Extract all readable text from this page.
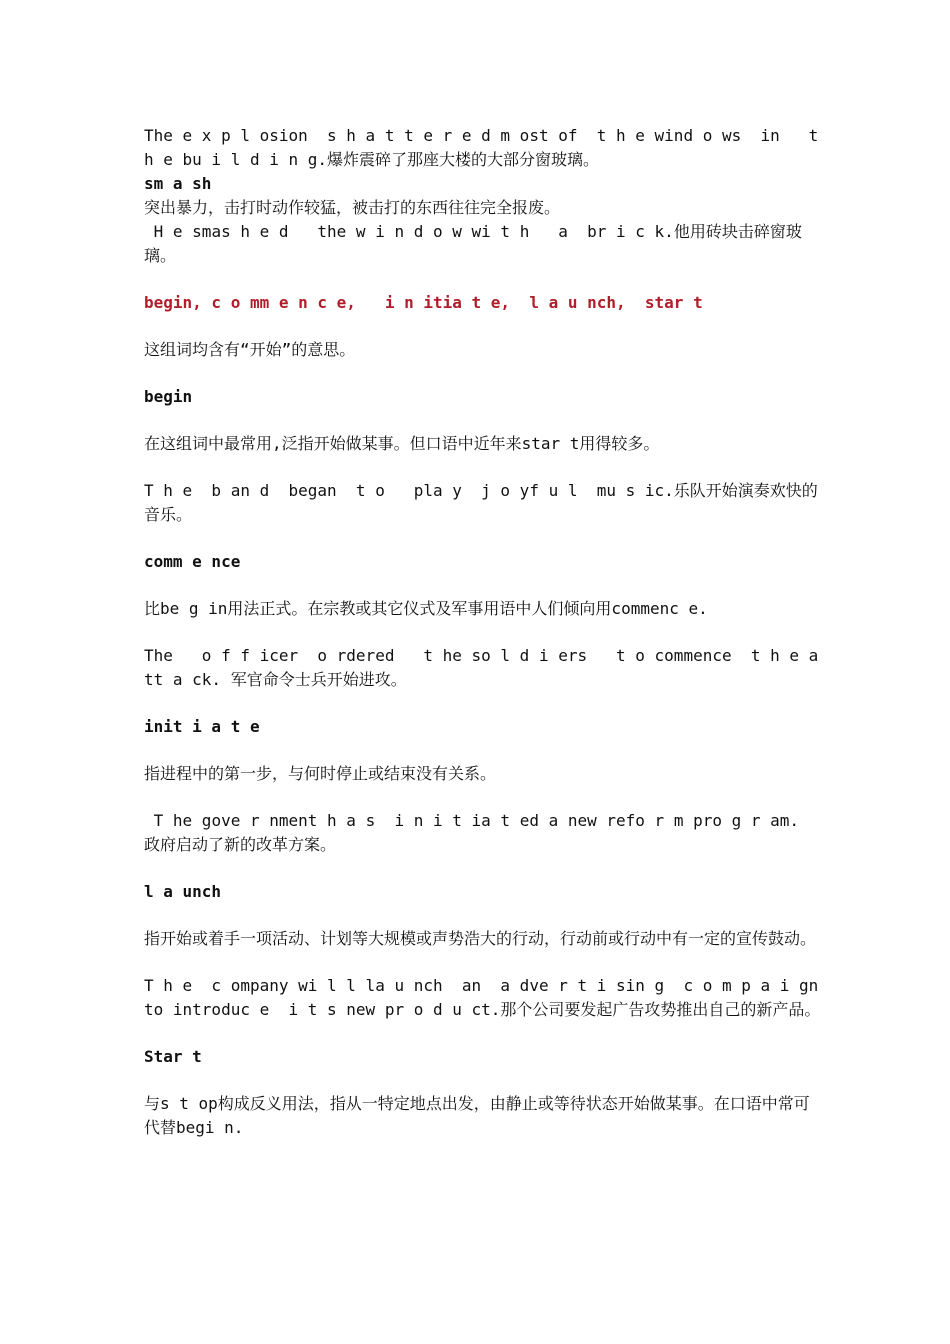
The e x p l osion  s h a t t e r e d m ost of  t h e wind o ws  in   t h e bu i l d i n g.爆炸震碎了那座大楼的大部分窗玻璃。

sm a sh

突出暴力，击打时动作较猛，被击打的东西往往完全报废。

H e smas h e d   the w i n d o w wi t h   a  br i c k.他用砖块击碎窗玻璃。

begin, c o mm e n c e,   i n itia t e,  l a u nch,  star t

这组词均含有“开始”的意思。

begin

在这组词中最常用,泛指开始做某事。但口语中近年来star t用得较多。

T h e  b an d  began  t o   pla y  j o yf u l  mu s ic.乐队开始演奏欢快的音乐。

comm e nce

比be g in用法正式。在宗教或其它仪式及军事用语中人们倾向用commenc e.

The   o f f icer  o rdered   t he so l d i ers   t o commence  t h e att a ck. 军官命令士兵开始进攻。

init i a t e

指进程中的第一步，与何时停止或结束没有关系。

T he gove r nment h a s  i n i t ia t ed a new refo r m pro g r am. 政府启动了新的改革方案。

l a unch

指开始或着手一项活动、计划等大规模或声势浩大的行动，行动前或行动中有一定的宣传鼓动。

T h e  c ompany wi l l la u nch  an  a dve r t i sin g  c o m p a i gn  to introduc e  i t s new pr o d u ct.那个公司要发起广告攻势推出自己的新产品。

Star t

与s t op构成反义用法，指从一特定地点出发，由静止或等待状态开始做某事。在口语中常可代替begi n.
